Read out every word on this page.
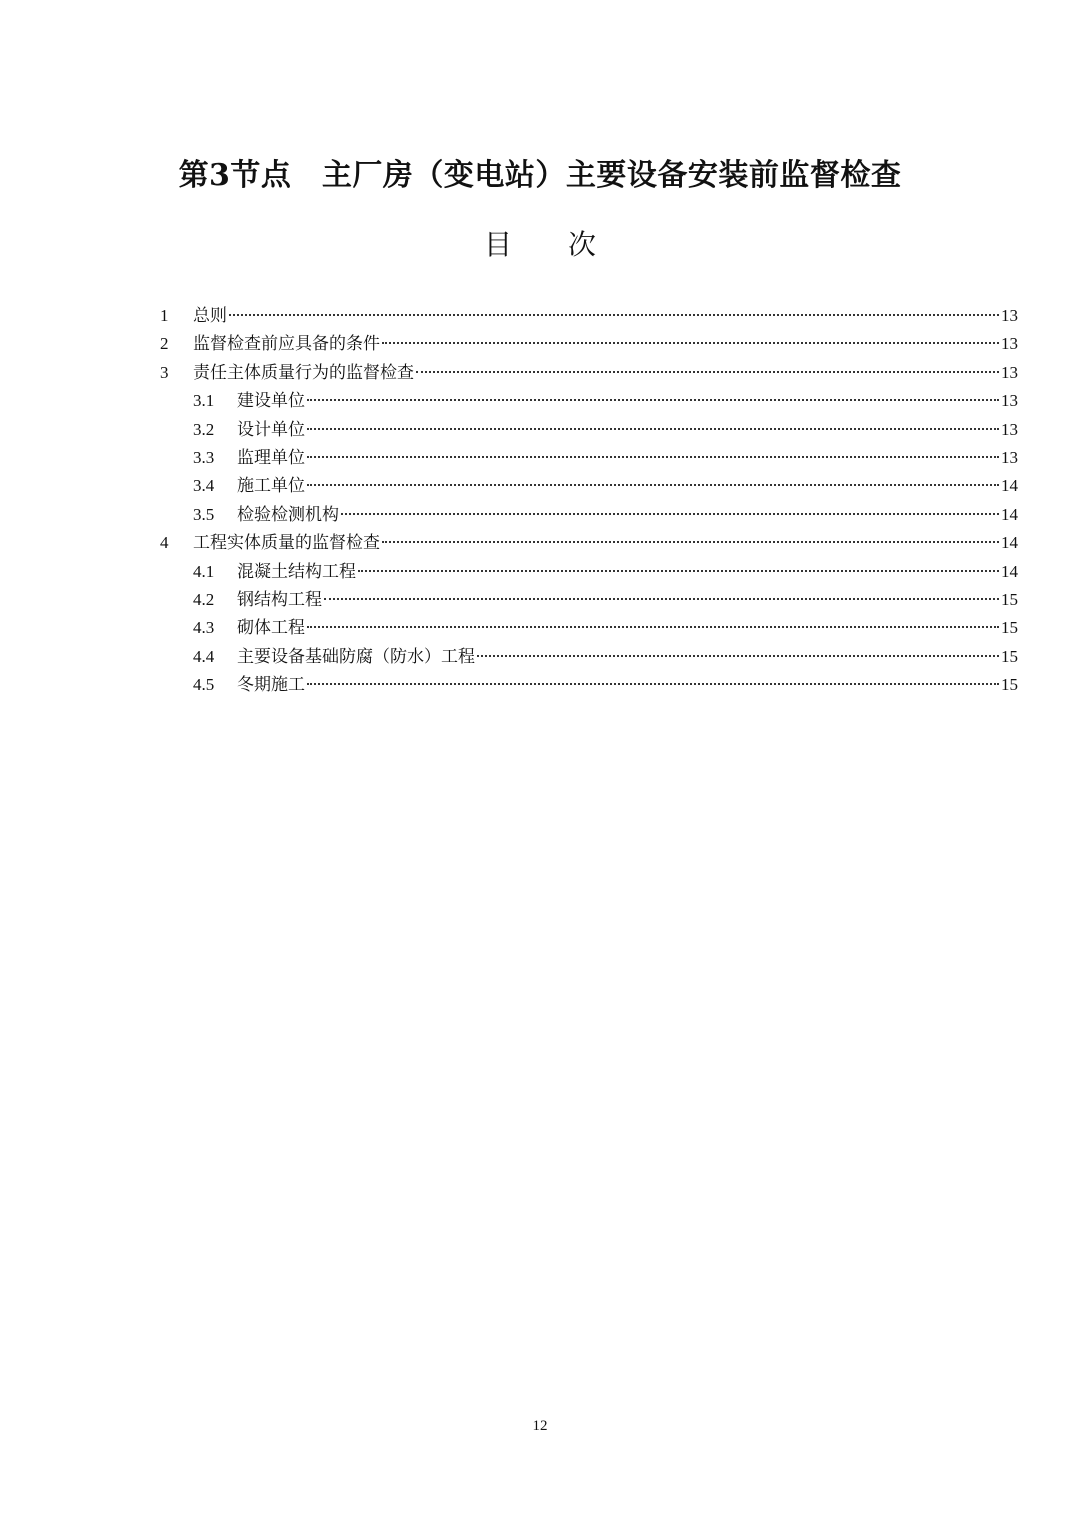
第3节点　主厂房（变电站）主要设备安装前监督检查
目次
1	总则	13
2	监督检查前应具备的条件	13
3	责任主体质量行为的监督检查	13
3.1	建设单位	13
3.2	设计单位	13
3.3	监理单位	13
3.4	施工单位	14
3.5	检验检测机构	14
4	工程实体质量的监督检查	14
4.1	混凝土结构工程	14
4.2	钢结构工程	15
4.3	砌体工程	15
4.4	主要设备基础防腐（防水）工程	15
4.5	冬期施工	15
12
